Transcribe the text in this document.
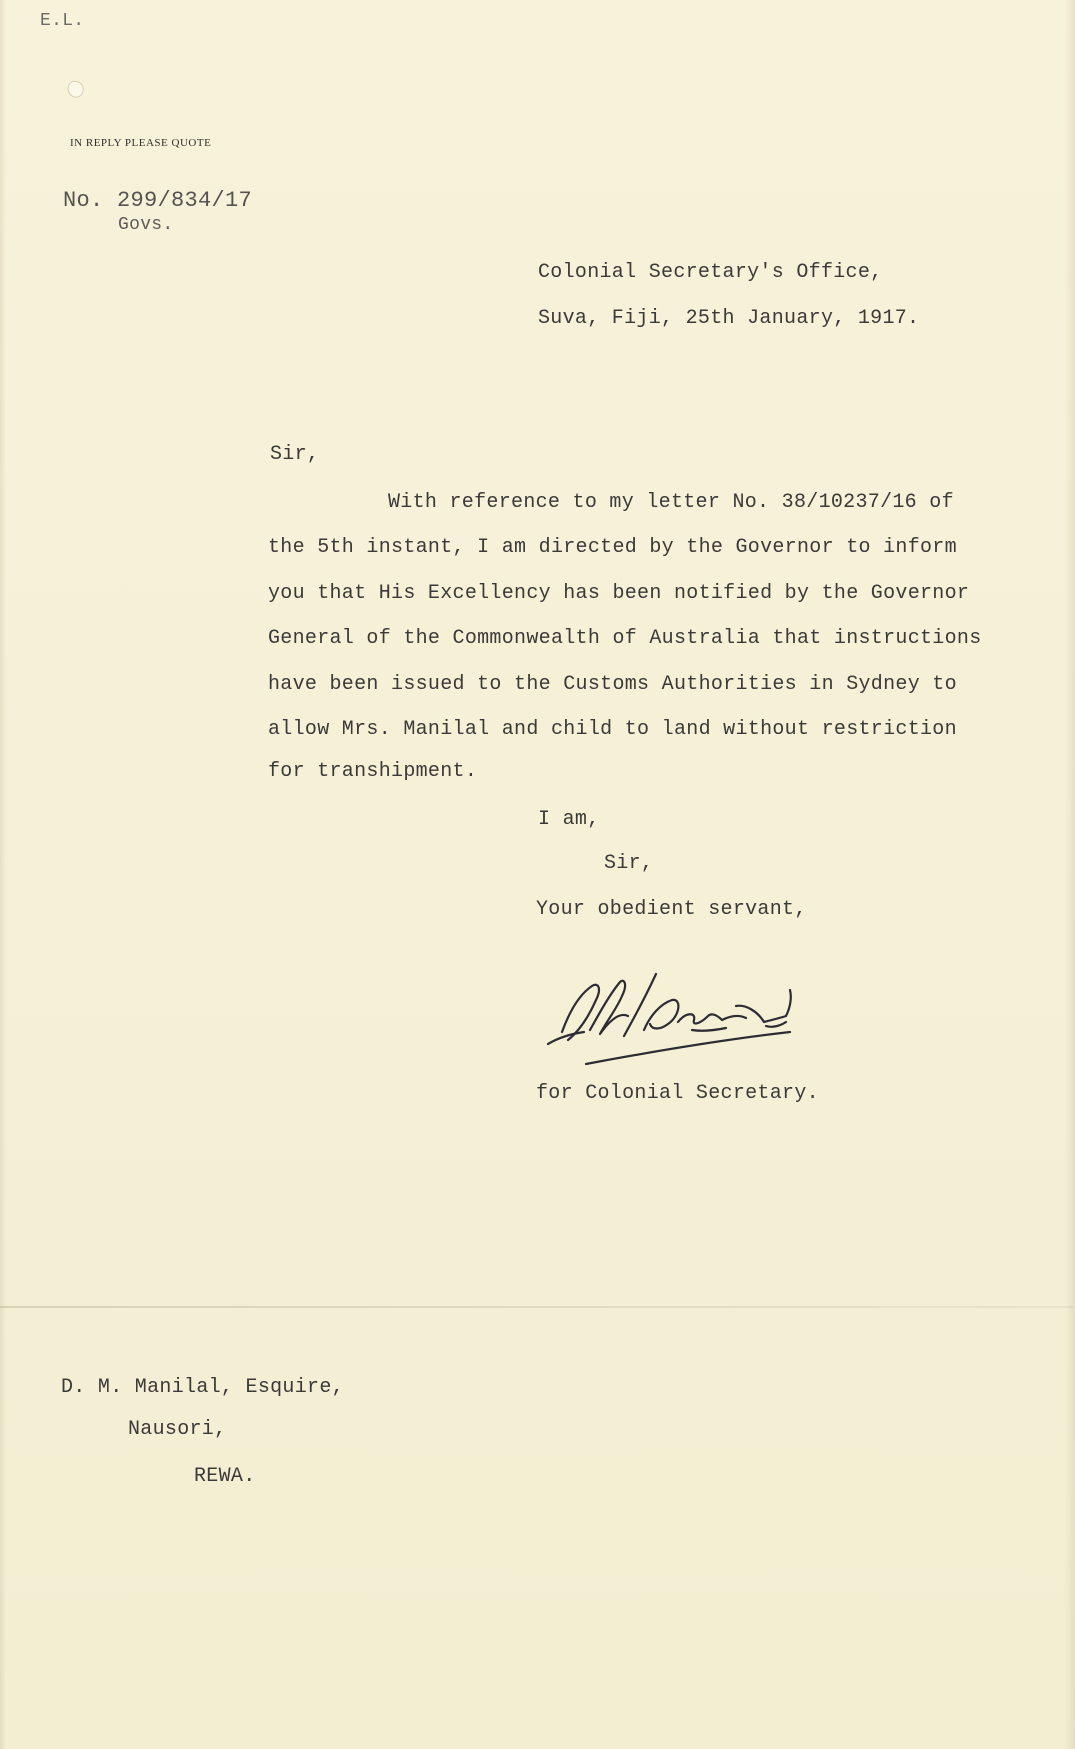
E.L.
IN REPLY PLEASE QUOTE
No. 299/834/17
Govs.
Colonial Secretary's Office,
Suva, Fiji, 25th January, 1917.
Sir,
With reference to my letter No. 38/10237/16 of
the 5th instant, I am directed by the Governor to inform
you that His Excellency has been notified by the Governor
General of the Commonwealth of Australia that instructions
have been issued to the Customs Authorities in Sydney to
allow Mrs. Manilal and child to land without restriction
for transhipment.
I am,
Sir,
Your obedient servant,
for Colonial Secretary.
D. M. Manilal, Esquire,
Nausori,
REWA.
